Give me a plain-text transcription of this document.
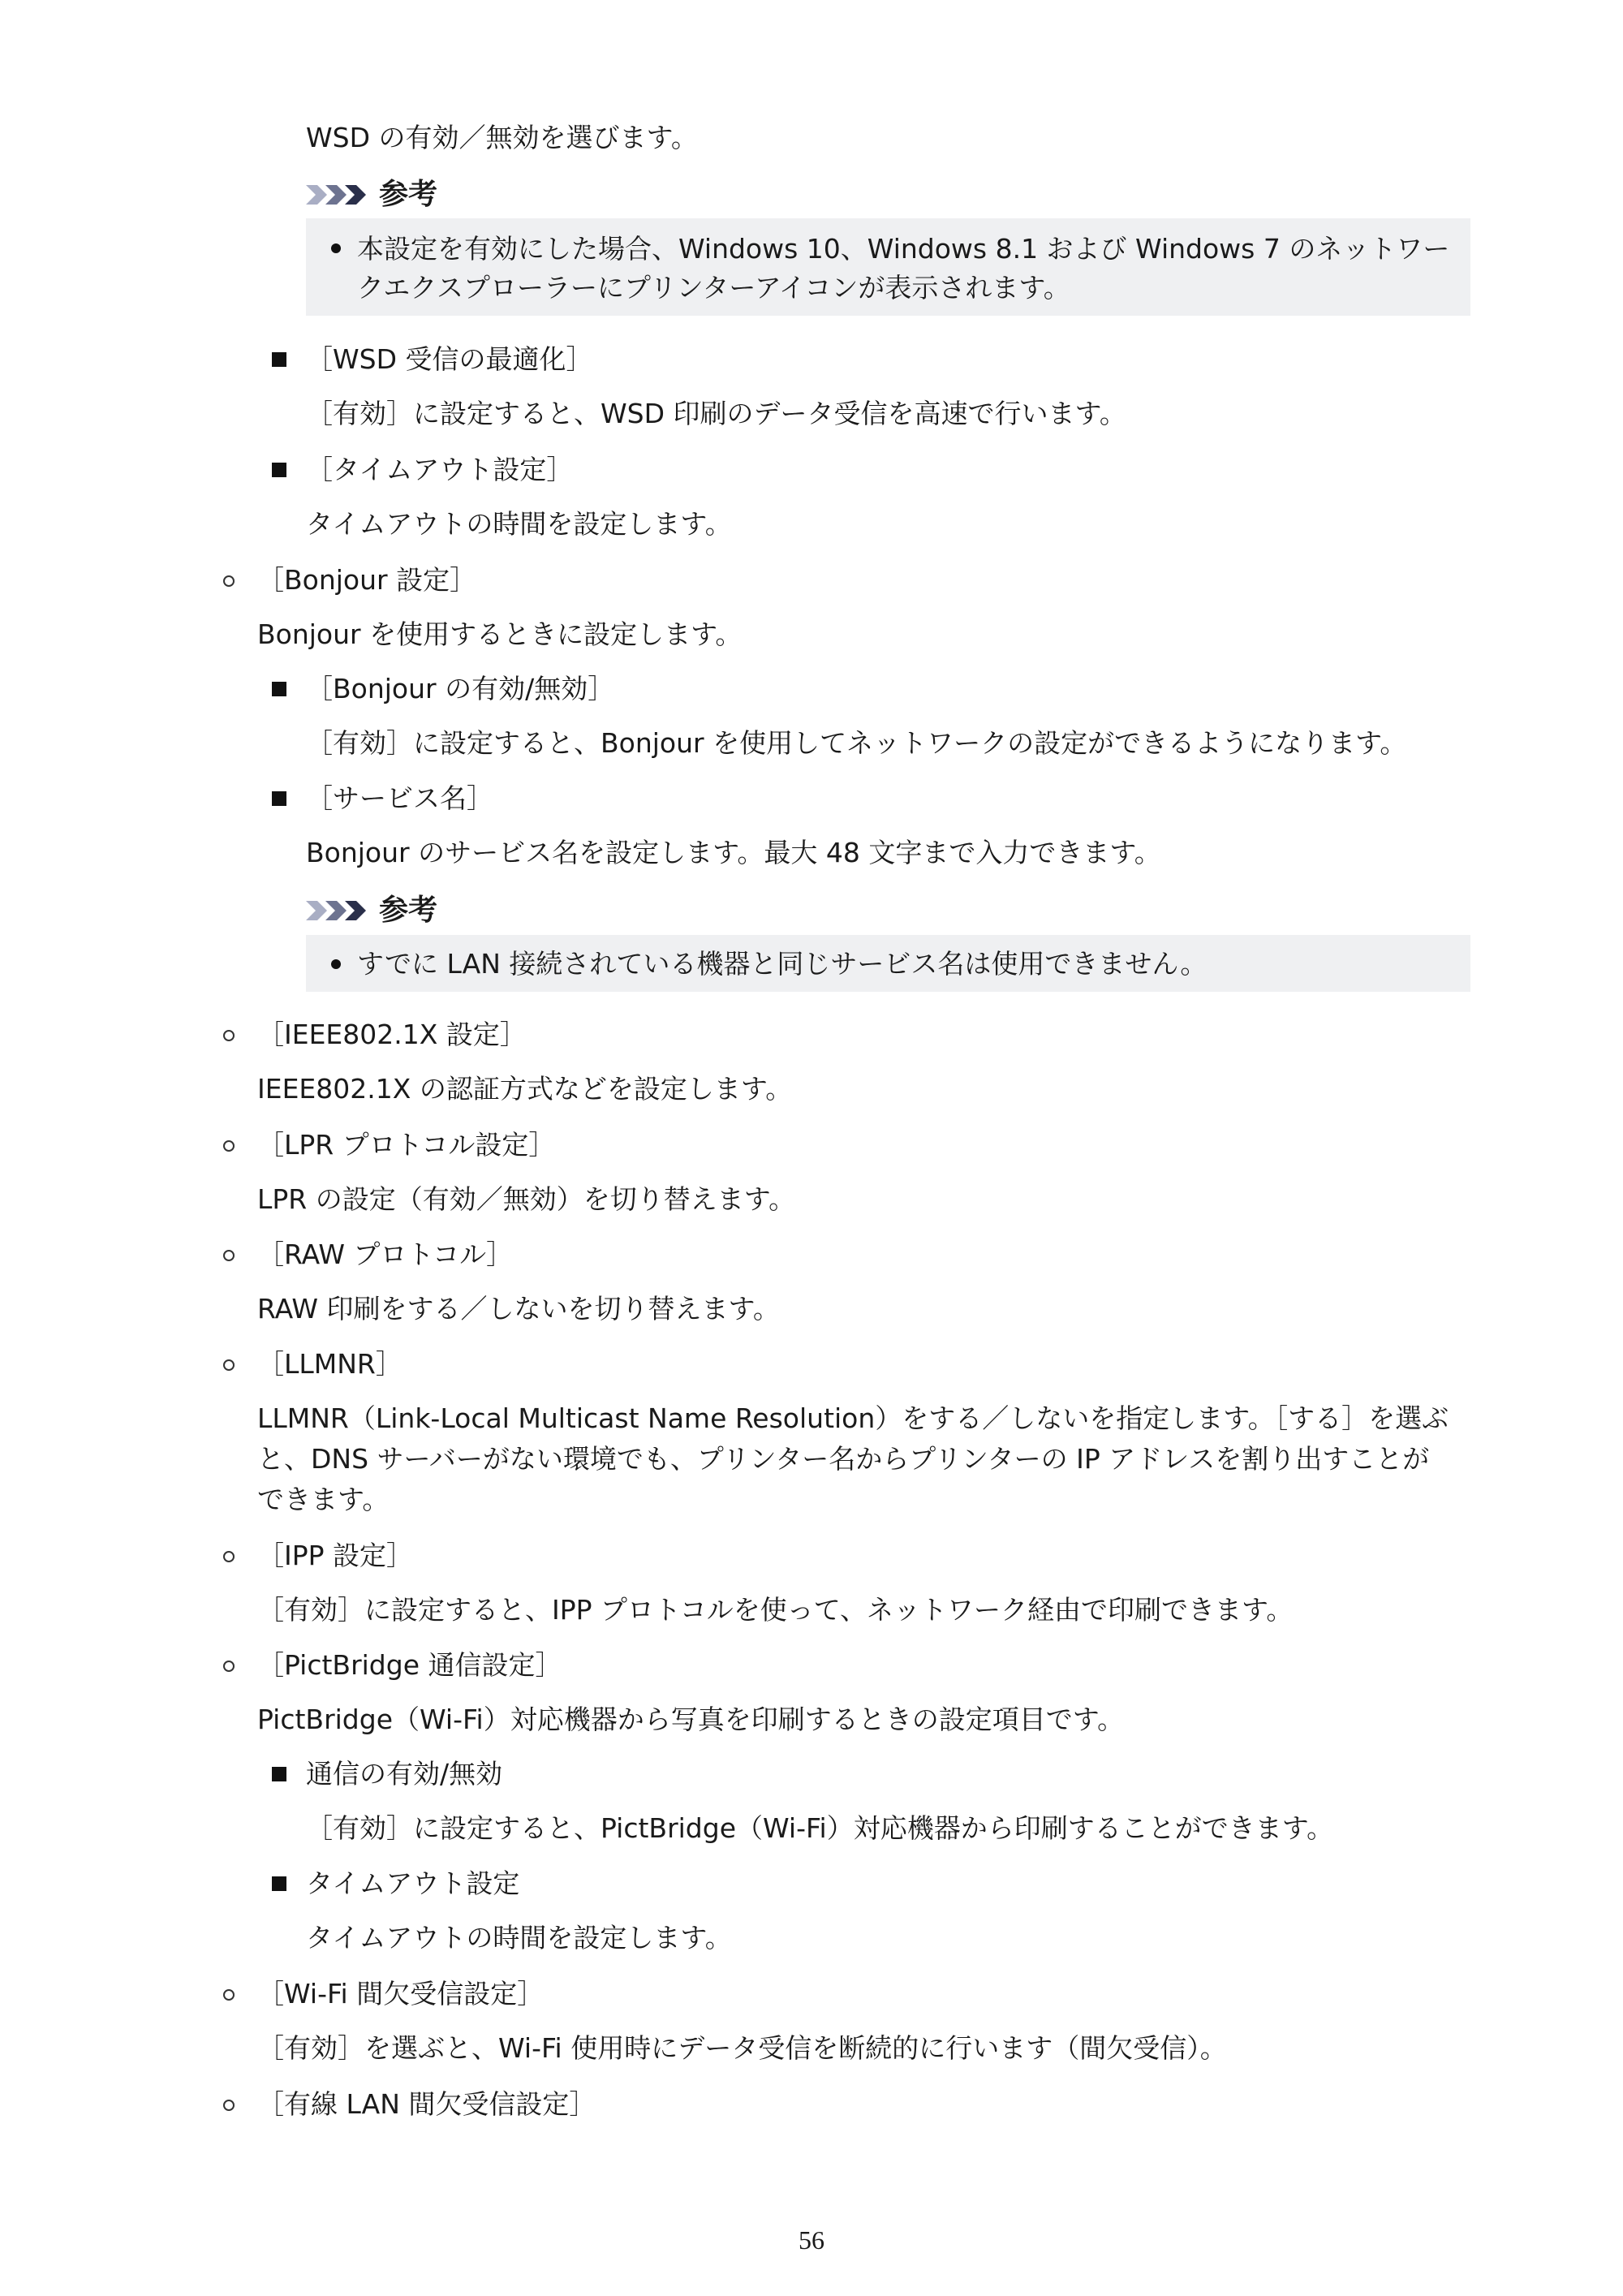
WSD の有効／無効を選びます。
参考
本設定を有効にした場合、Windows 10、Windows 8.1 および Windows 7 のネットワー
クエクスプローラーにプリンターアイコンが表示されます。
［WSD 受信の最適化］
［有効］に設定すると、WSD 印刷のデータ受信を高速で行います。
［タイムアウト設定］
タイムアウトの時間を設定します。
［Bonjour 設定］
Bonjour を使用するときに設定します。
［Bonjour の有効/無効］
［有効］に設定すると、Bonjour を使用してネットワークの設定ができるようになります。
［サービス名］
Bonjour のサービス名を設定します。最大 48 文字まで入力できます。
参考
すでに LAN 接続されている機器と同じサービス名は使用できません。
［IEEE802.1X 設定］
IEEE802.1X の認証方式などを設定します。
［LPR プロトコル設定］
LPR の設定（有効／無効）を切り替えます。
［RAW プロトコル］
RAW 印刷をする／しないを切り替えます。
［LLMNR］
LLMNR（Link-Local Multicast Name Resolution）をする／しないを指定します。［する］を選ぶ
と、DNS サーバーがない環境でも、プリンター名からプリンターの IP アドレスを割り出すことが
できます。
［IPP 設定］
［有効］に設定すると、IPP プロトコルを使って、ネットワーク経由で印刷できます。
［PictBridge 通信設定］
PictBridge（Wi-Fi）対応機器から写真を印刷するときの設定項目です。
通信の有効/無効
［有効］に設定すると、PictBridge（Wi-Fi）対応機器から印刷することができます。
タイムアウト設定
タイムアウトの時間を設定します。
［Wi-Fi 間欠受信設定］
［有効］を選ぶと、Wi-Fi 使用時にデータ受信を断続的に行います（間欠受信）。
［有線 LAN 間欠受信設定］
56
